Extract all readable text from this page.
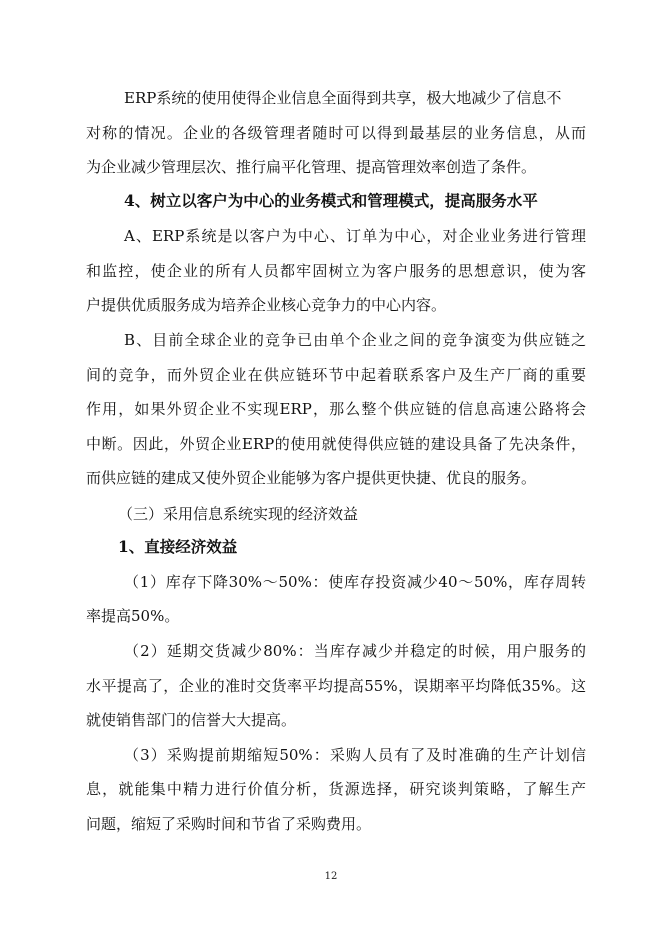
ERP系统的使用使得企业信息全面得到共享，极大地减少了信息不
对称的情况。企业的各级管理者随时可以得到最基层的业务信息，从而
为企业减少管理层次、推行扁平化管理、提高管理效率创造了条件。
4、树立以客户为中心的业务模式和管理模式，提高服务水平
A、ERP系统是以客户为中心、订单为中心，对企业业务进行管理
和监控，使企业的所有人员都牢固树立为客户服务的思想意识，使为客
户提供优质服务成为培养企业核心竞争力的中心内容。
B、目前全球企业的竞争已由单个企业之间的竞争演变为供应链之
间的竞争，而外贸企业在供应链环节中起着联系客户及生产厂商的重要
作用，如果外贸企业不实现ERP，那么整个供应链的信息高速公路将会
中断。因此，外贸企业ERP的使用就使得供应链的建设具备了先决条件，
而供应链的建成又使外贸企业能够为客户提供更快捷、优良的服务。
（三）采用信息系统实现的经济效益
1、直接经济效益
（1）库存下降30%～50%：使库存投资减少40～50%，库存周转
率提高50%。
（2）延期交货减少80%：当库存减少并稳定的时候，用户服务的
水平提高了，企业的准时交货率平均提高55%，误期率平均降低35%。这
就使销售部门的信誉大大提高。
（3）采购提前期缩短50%：采购人员有了及时准确的生产计划信
息，就能集中精力进行价值分析，货源选择，研究谈判策略，了解生产
问题，缩短了采购时间和节省了采购费用。
12
